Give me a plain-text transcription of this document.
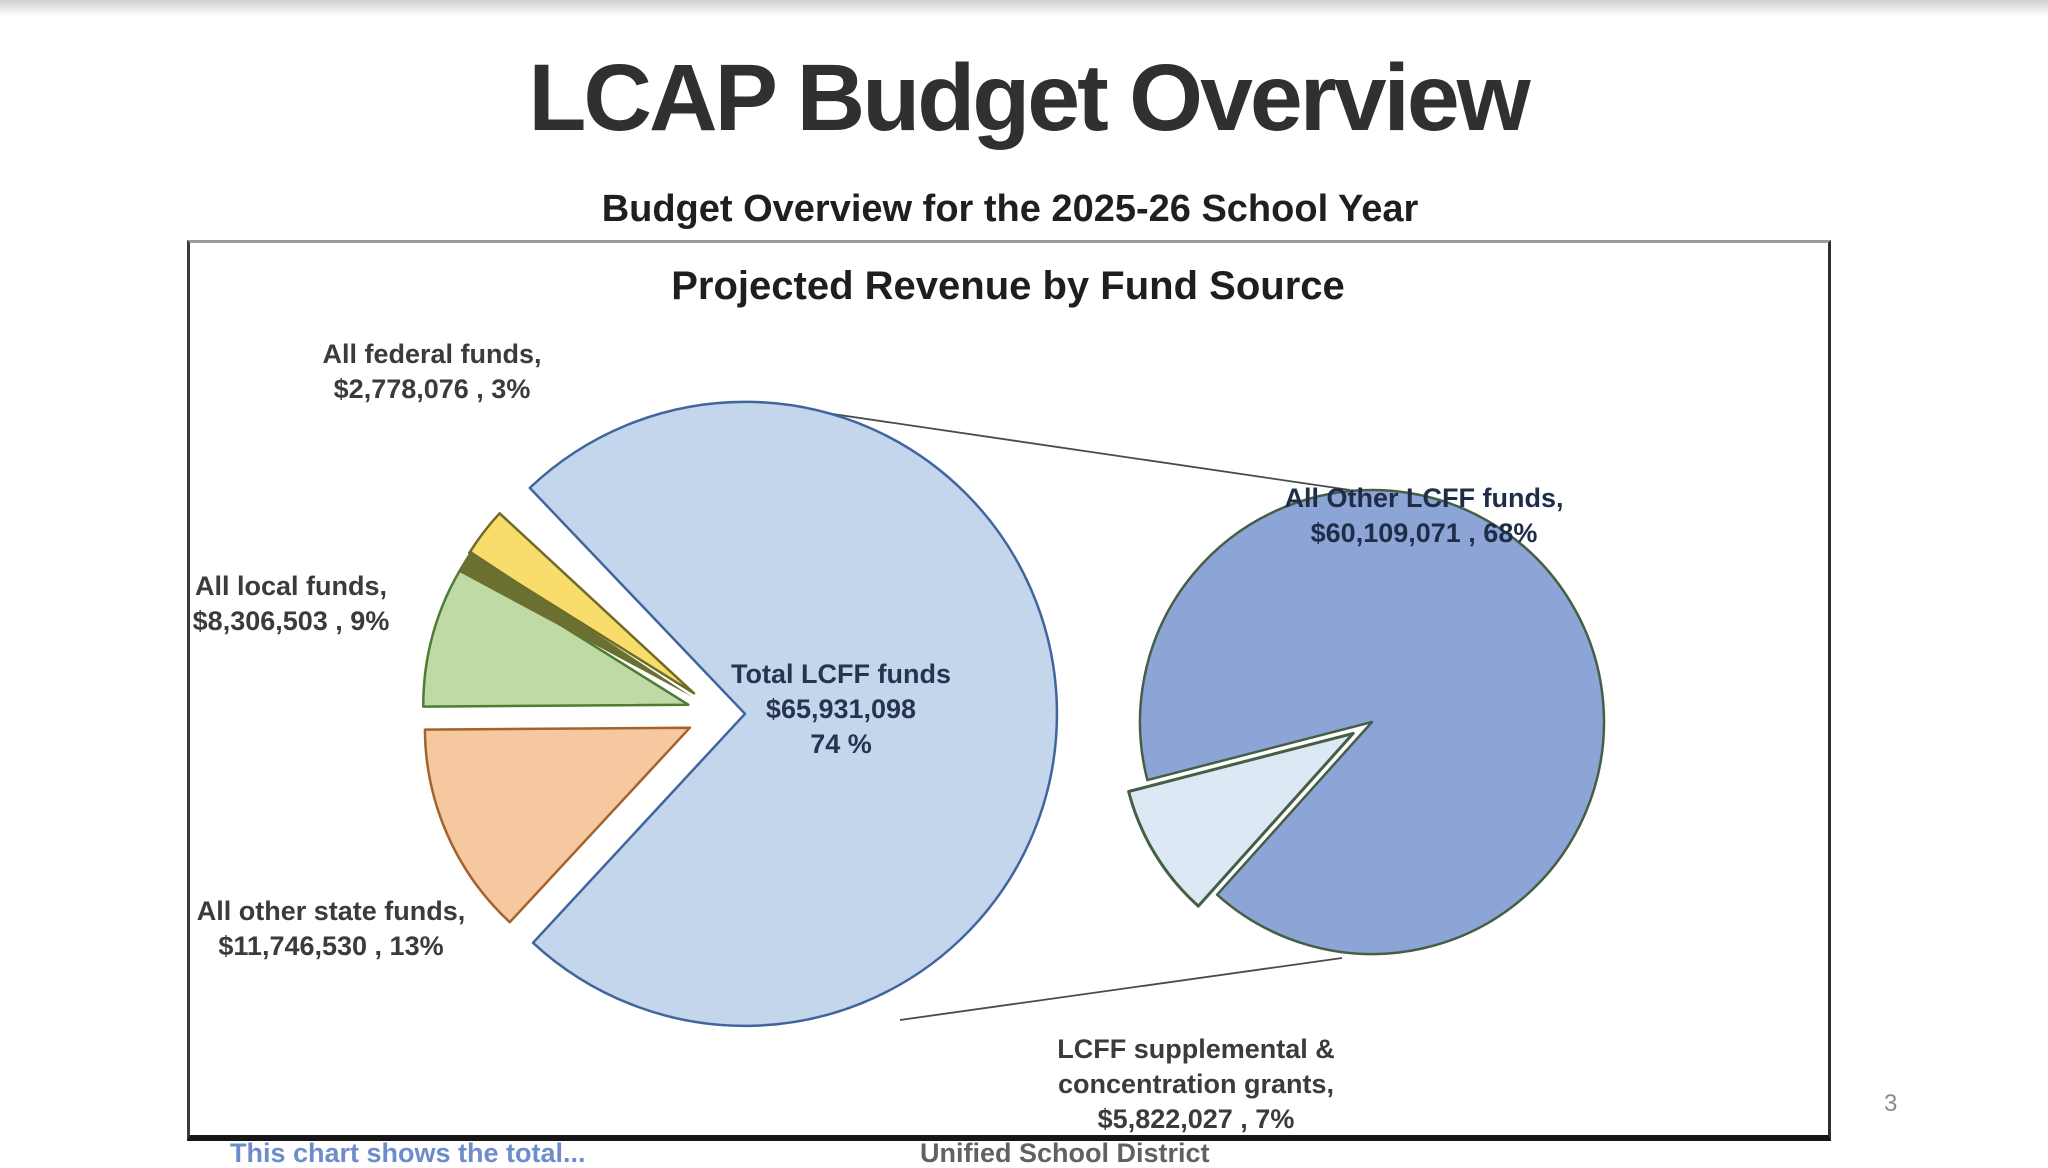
LCAP Budget Overview
Budget Overview for the 2025-26 School Year
Projected Revenue by Fund Source
All federal funds,
$2,778,076 , 3%
All local funds,
$8,306,503 , 9%
All other state funds,
$11,746,530 , 13%
Total LCFF funds
$65,931,098
74 %
All Other LCFF funds,
$60,109,071 , 68%
LCFF supplemental &
concentration grants,
$5,822,027 , 7%
3
This chart shows the total...	Unified School District
